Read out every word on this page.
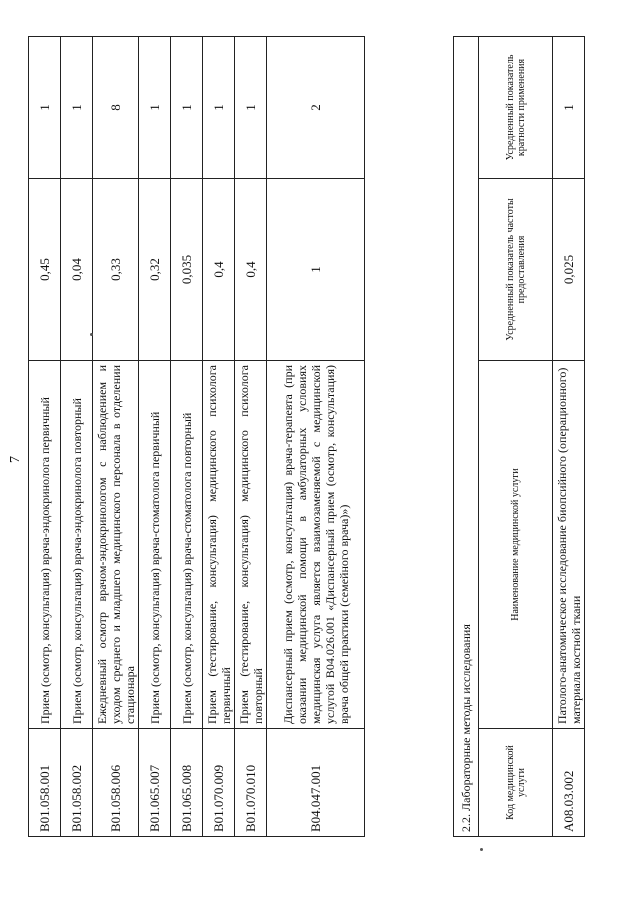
7
B01.058.001	Прием (осмотр, консультация) врача-эндокринолога первичный	0,45	1
B01.058.002	Прием (осмотр, консультация) врача-эндокринолога повторный	0,04	1
B01.058.006	Ежедневный осмотр врачом-эндокринологом с наблюдением и уходом среднего и младшего медицинского персонала в отделении стационара	0,33	8
B01.065.007	Прием (осмотр, консультация) врача-стоматолога первичный	0,32	1
B01.065.008	Прием (осмотр, консультация) врача-стоматолога повторный	0,035	1
B01.070.009	Прием (тестирование, консультация) медицинского психолога первичный	0,4	1
B01.070.010	Прием (тестирование, консультация) медицинского психолога повторный	0,4	1
B04.047.001	Диспансерный прием (осмотр, консультация) врача-терапевта (при оказании медицинской помощи в амбулаторных условиях медицинская услуга является взаимозаменяемой с медицинской услугой B04.026.001 «Диспансерный прием (осмотр, консультация) врача общей практики (семейного врача)»)	1	2
2.2. Лабораторные методы исследования			
Код медицинской услуги	Наименование медицинской услуги	Усредненный показатель частоты предоставления	Усредненный показатель кратности применения
A08.03.002	Патолого-анатомическое исследование биопсийного (операционного) материала костной ткани	0,025	1
